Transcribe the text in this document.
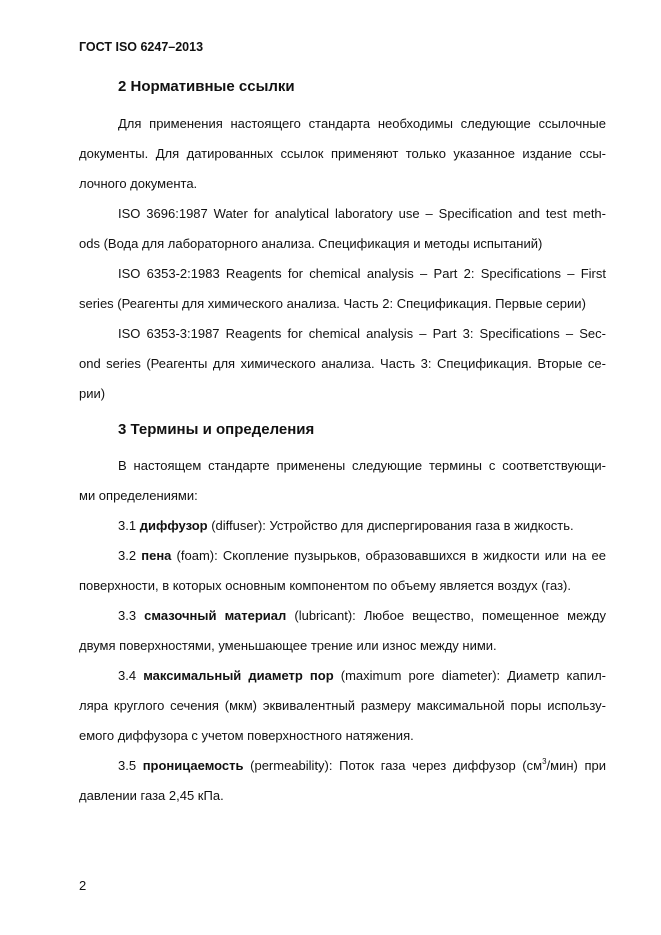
ГОСТ ISO 6247–2013
2 Нормативные ссылки
Для применения настоящего стандарта необходимы следующие ссылочные
документы. Для датированных ссылок применяют только указанное издание ссы-
лочного документа.
ISO 3696:1987 Water for analytical laboratory use – Specification and test meth-
ods (Вода для лабораторного анализа. Спецификация и методы испытаний)
ISO 6353-2:1983 Reagents for chemical analysis – Part 2: Specifications – First
series (Реагенты для химического анализа. Часть 2: Спецификация. Первые серии)
ISO 6353-3:1987 Reagents for chemical analysis – Part 3: Specifications – Sec-
ond series (Реагенты для химического анализа. Часть 3: Спецификация. Вторые се-
рии)
3 Термины и определения
В настоящем стандарте применены следующие термины с соответствующи-
ми определениями:
3.1 диффузор (diffuser): Устройство для диспергирования газа в жидкость.
3.2 пена (foam): Скопление пузырьков, образовавшихся в жидкости или на ее
поверхности, в которых основным компонентом по объему является воздух (газ).
3.3 смазочный материал (lubricant): Любое вещество, помещенное между
двумя поверхностями, уменьшающее трение или износ между ними.
3.4 максимальный диаметр пор (maximum pore diameter): Диаметр капил-
ляра круглого сечения (мкм) эквивалентный размеру максимальной поры использу-
емого диффузора с учетом поверхностного натяжения.
3.5 проницаемость (permeability): Поток газа через диффузор $(см^3/мин)$ при
давлении газа 2,45 кПа.
2
